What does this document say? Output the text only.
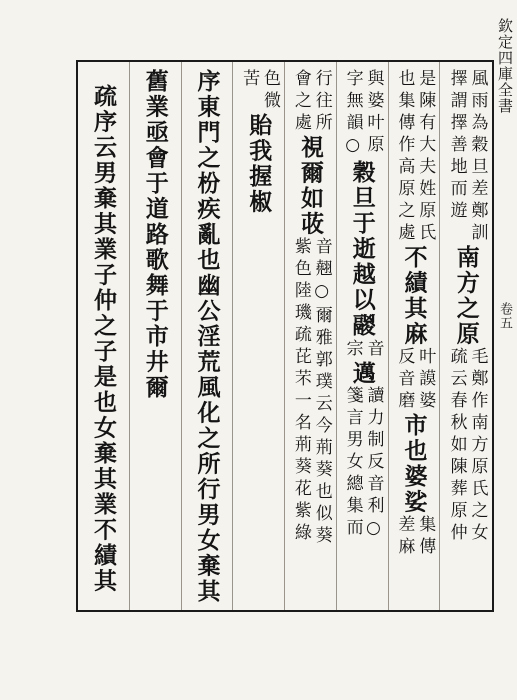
欽定四庫全書
卷五
風雨為穀旦差鄭訓
擇謂擇善地而遊
南方之原
毛鄭作南方原氏之女
疏云春秋如陳葬原仲
是陳有大夫姓原氏
也集傳作高原之處
不績其麻
叶謨婆
反音磨
市也婆娑
集傳
差麻
與婆叶原
字無韻○
穀旦于逝越以鬷
音
宗
邁
讀力制反音利○
箋言男女總集而
行往所
會之處
視爾如荍
音翹○爾雅郭璞云今荊葵也似葵
紫色陸璣疏芘芣一名荊葵花紫綠
色微
苦
貽我握椒
序東門之枌疾亂也幽公淫荒風化之所行男女棄其
舊業亟會于道路歌舞于市井爾
疏序云男棄其業子仲之子是也女棄其業不績其
